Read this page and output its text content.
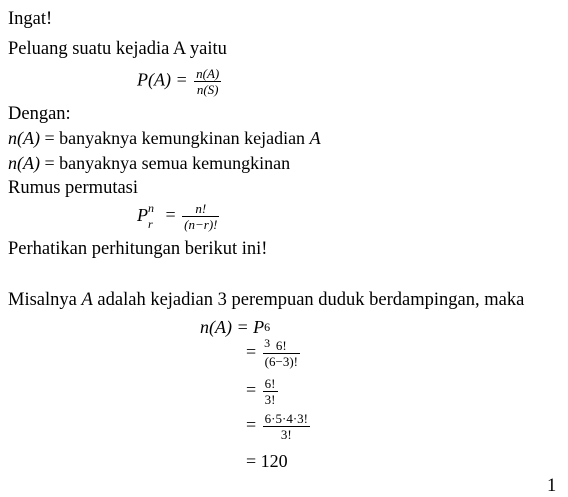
Ingat!
Peluang suatu kejadia A yaitu
$P(A) = \frac{n(A)}{n(S)}$
Dengan:
n(A) = banyaknya kemungkinan kejadian A
n(A) = banyaknya semua kemungkinan
Rumus permutasi
P n
$r = \frac{n!}{(n-r)!}$
Perhatikan perhitungan berikut ini!
Misalnya A adalah kejadian 3 perempuan duduk berdampingan, maka
n(A) = P 6
3
= $\frac{6!}{(6-3)!}$
= $\frac{6!}{3!}$
= $\frac{6\cdot 5\cdot 4\cdot 3!}{3!}$
= 120
1
